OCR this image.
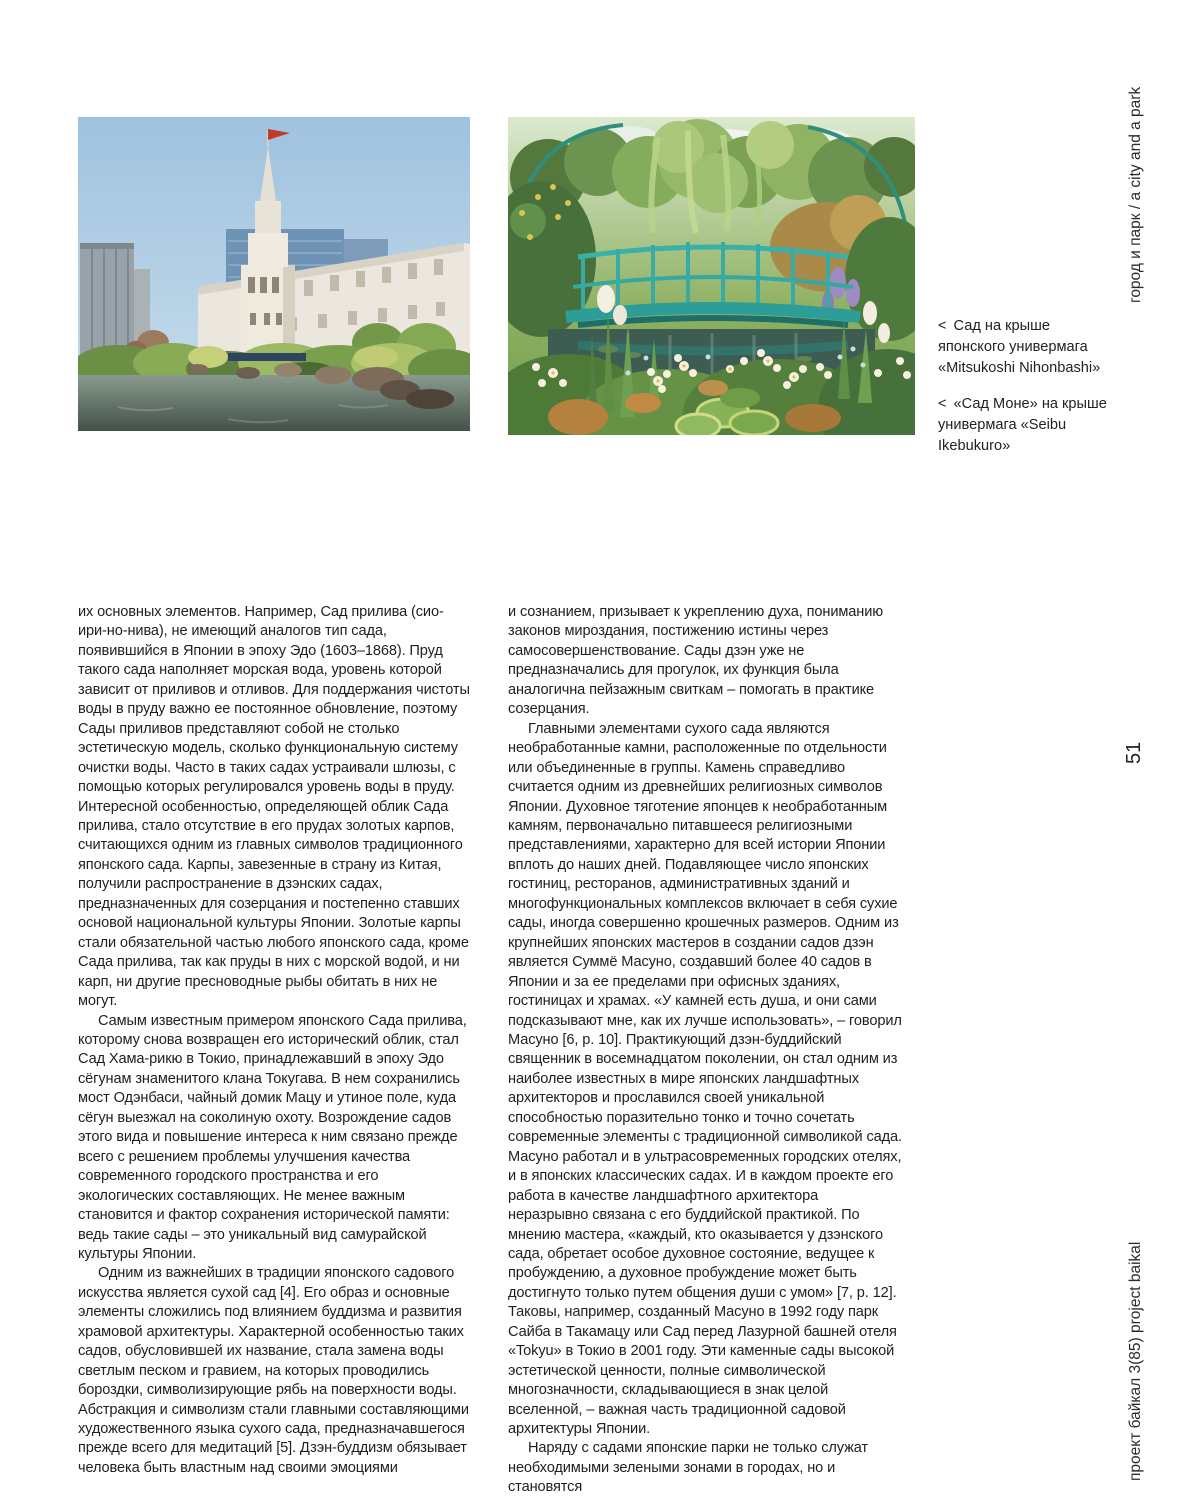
< Сад на крыше японского универмага «Mitsukoshi Nihonbashi»

< «Сад Моне» на крыше универмага «Seibu Ikebukuro»

их основных элементов. Например, Сад прилива (сио-ири-но-нива), не имеющий аналогов тип сада, появившийся в Японии в эпоху Эдо (1603–1868). Пруд такого сада наполняет морская вода, уровень которой зависит от приливов и отливов. Для поддержания чистоты воды в пруду важно ее постоянное обновление, поэтому Сады приливов представляют собой не столько эстетическую модель, сколько функциональную систему очистки воды. Часто в таких садах устраивали шлюзы, с помощью которых регулировался уровень воды в пруду. Интересной особенностью, определяющей облик Сада прилива, стало отсутствие в его прудах золотых карпов, считающихся одним из главных символов традиционного японского сада. Карпы, завезенные в страну из Китая, получили распространение в дзэнских садах, предназначенных для созерцания и постепенно ставших основой национальной культуры Японии. Золотые карпы стали обязательной частью любого японского сада, кроме Сада прилива, так как пруды в них с морской водой, и ни карп, ни другие пресноводные рыбы обитать в них не могут.

Самым известным примером японского Сада прилива, которому снова возвращен его исторический облик, стал Сад Хама-рикю в Токио, принадлежавший в эпоху Эдо сёгунам знаменитого клана Токугава. В нем сохранились мост Одэнбаси, чайный домик Мацу и утиное поле, куда сёгун выезжал на соколиную охоту. Возрождение садов этого вида и повышение интереса к ним связано прежде всего с решением проблемы улучшения качества современного городского пространства и его экологических составляющих. Не менее важным становится и фактор сохранения исторической памяти: ведь такие сады – это уникальный вид самурайской культуры Японии.

Одним из важнейших в традиции японского садового искусства является сухой сад [4]. Его образ и основные элементы сложились под влиянием буддизма и развития храмовой архитектуры. Характерной особенностью таких садов, обусловившей их название, стала замена воды светлым песком и гравием, на которых проводились бороздки, символизирующие рябь на поверхности воды. Абстракция и символизм стали главными составляющими художественного языка сухого сада, предназначавшегося прежде всего для медитаций [5]. Дзэн-буддизм обязывает человека быть властным над своими эмоциями

и сознанием, призывает к укреплению духа, пониманию законов мироздания, постижению истины через самосовершенствование. Сады дзэн уже не предназначались для прогулок, их функция была аналогична пейзажным свиткам – помогать в практике созерцания.

Главными элементами сухого сада являются необработанные камни, расположенные по отдельности или объединенные в группы. Камень справедливо считается одним из древнейших религиозных символов Японии. Духовное тяготение японцев к необработанным камням, первоначально питавшееся религиозными представлениями, характерно для всей истории Японии вплоть до наших дней. Подавляющее число японских гостиниц, ресторанов, административных зданий и многофункциональных комплексов включает в себя сухие сады, иногда совершенно крошечных размеров. Одним из крупнейших японских мастеров в создании садов дзэн является Суммё Масуно, создавший более 40 садов в Японии и за ее пределами при офисных зданиях, гостиницах и храмах. «У камней есть душа, и они сами подсказывают мне, как их лучше использовать», – говорил Масуно [6, p. 10]. Практикующий дзэн-буддийский священник в восемнадцатом поколении, он стал одним из наиболее известных в мире японских ландшафтных архитекторов и прославился своей уникальной способностью поразительно тонко и точно сочетать современные элементы с традиционной символикой сада. Масуно работал и в ультрасовременных городских отелях, и в японских классических садах. И в каждом проекте его работа в качестве ландшафтного архитектора неразрывно связана с его буддийской практикой. По мнению мастера, «каждый, кто оказывается у дзэнского сада, обретает особое духовное состояние, ведущее к пробуждению, а духовное пробуждение может быть достигнуто только путем общения души с умом» [7, p. 12]. Таковы, например, созданный Масуно в 1992 году парк Сайба в Такамацу или Сад перед Лазурной башней отеля «Tokyu» в Токио в 2001 году. Эти каменные сады высокой эстетической ценности, полные символической многозначности, складывающиеся в знак целой вселенной, – важная часть традиционной садовой архитектуры Японии.

Наряду с садами японские парки не только служат необходимыми зелеными зонами в городах, но и становятся

город и парк / a city and a park
51
проект байкал 3(85) project baikal
